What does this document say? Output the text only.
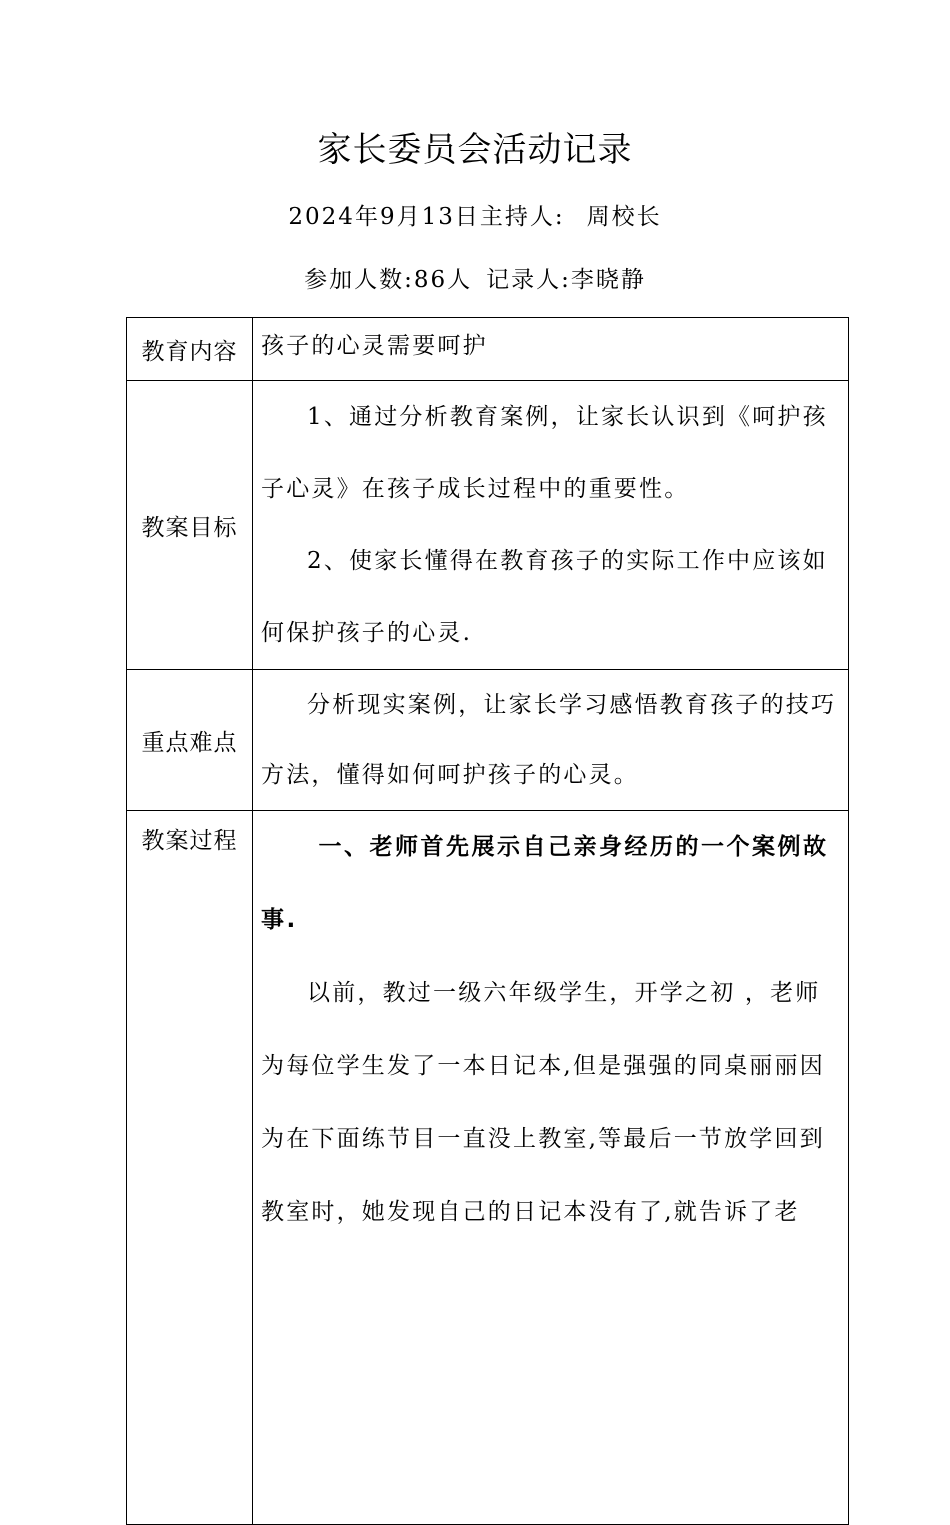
家长委员会活动记录
2024年9月13日主持人: 周校长
参加人数:86人 记录人:李晓静
教育内容	孩子的心灵需要呵护

教案目标	1、通过分析教育案例，让家长认识到《呵护孩子心灵》在孩子成长过程中的重要性。

2、使家长懂得在教育孩子的实际工作中应该如何保护孩子的心灵.

重点难点	分析现实案例，让家长学习感悟教育孩子的技巧方法，懂得如何呵护孩子的心灵。

教案过程	一、老师首先展示自己亲身经历的一个案例故事.

以前，教过一级六年级学生，开学之初 ，老师为每位学生发了一本日记本,但是强强的同桌丽丽因为在下面练节目一直没上教室,等最后一节放学回到教室时，她发现自己的日记本没有了,就告诉了老
